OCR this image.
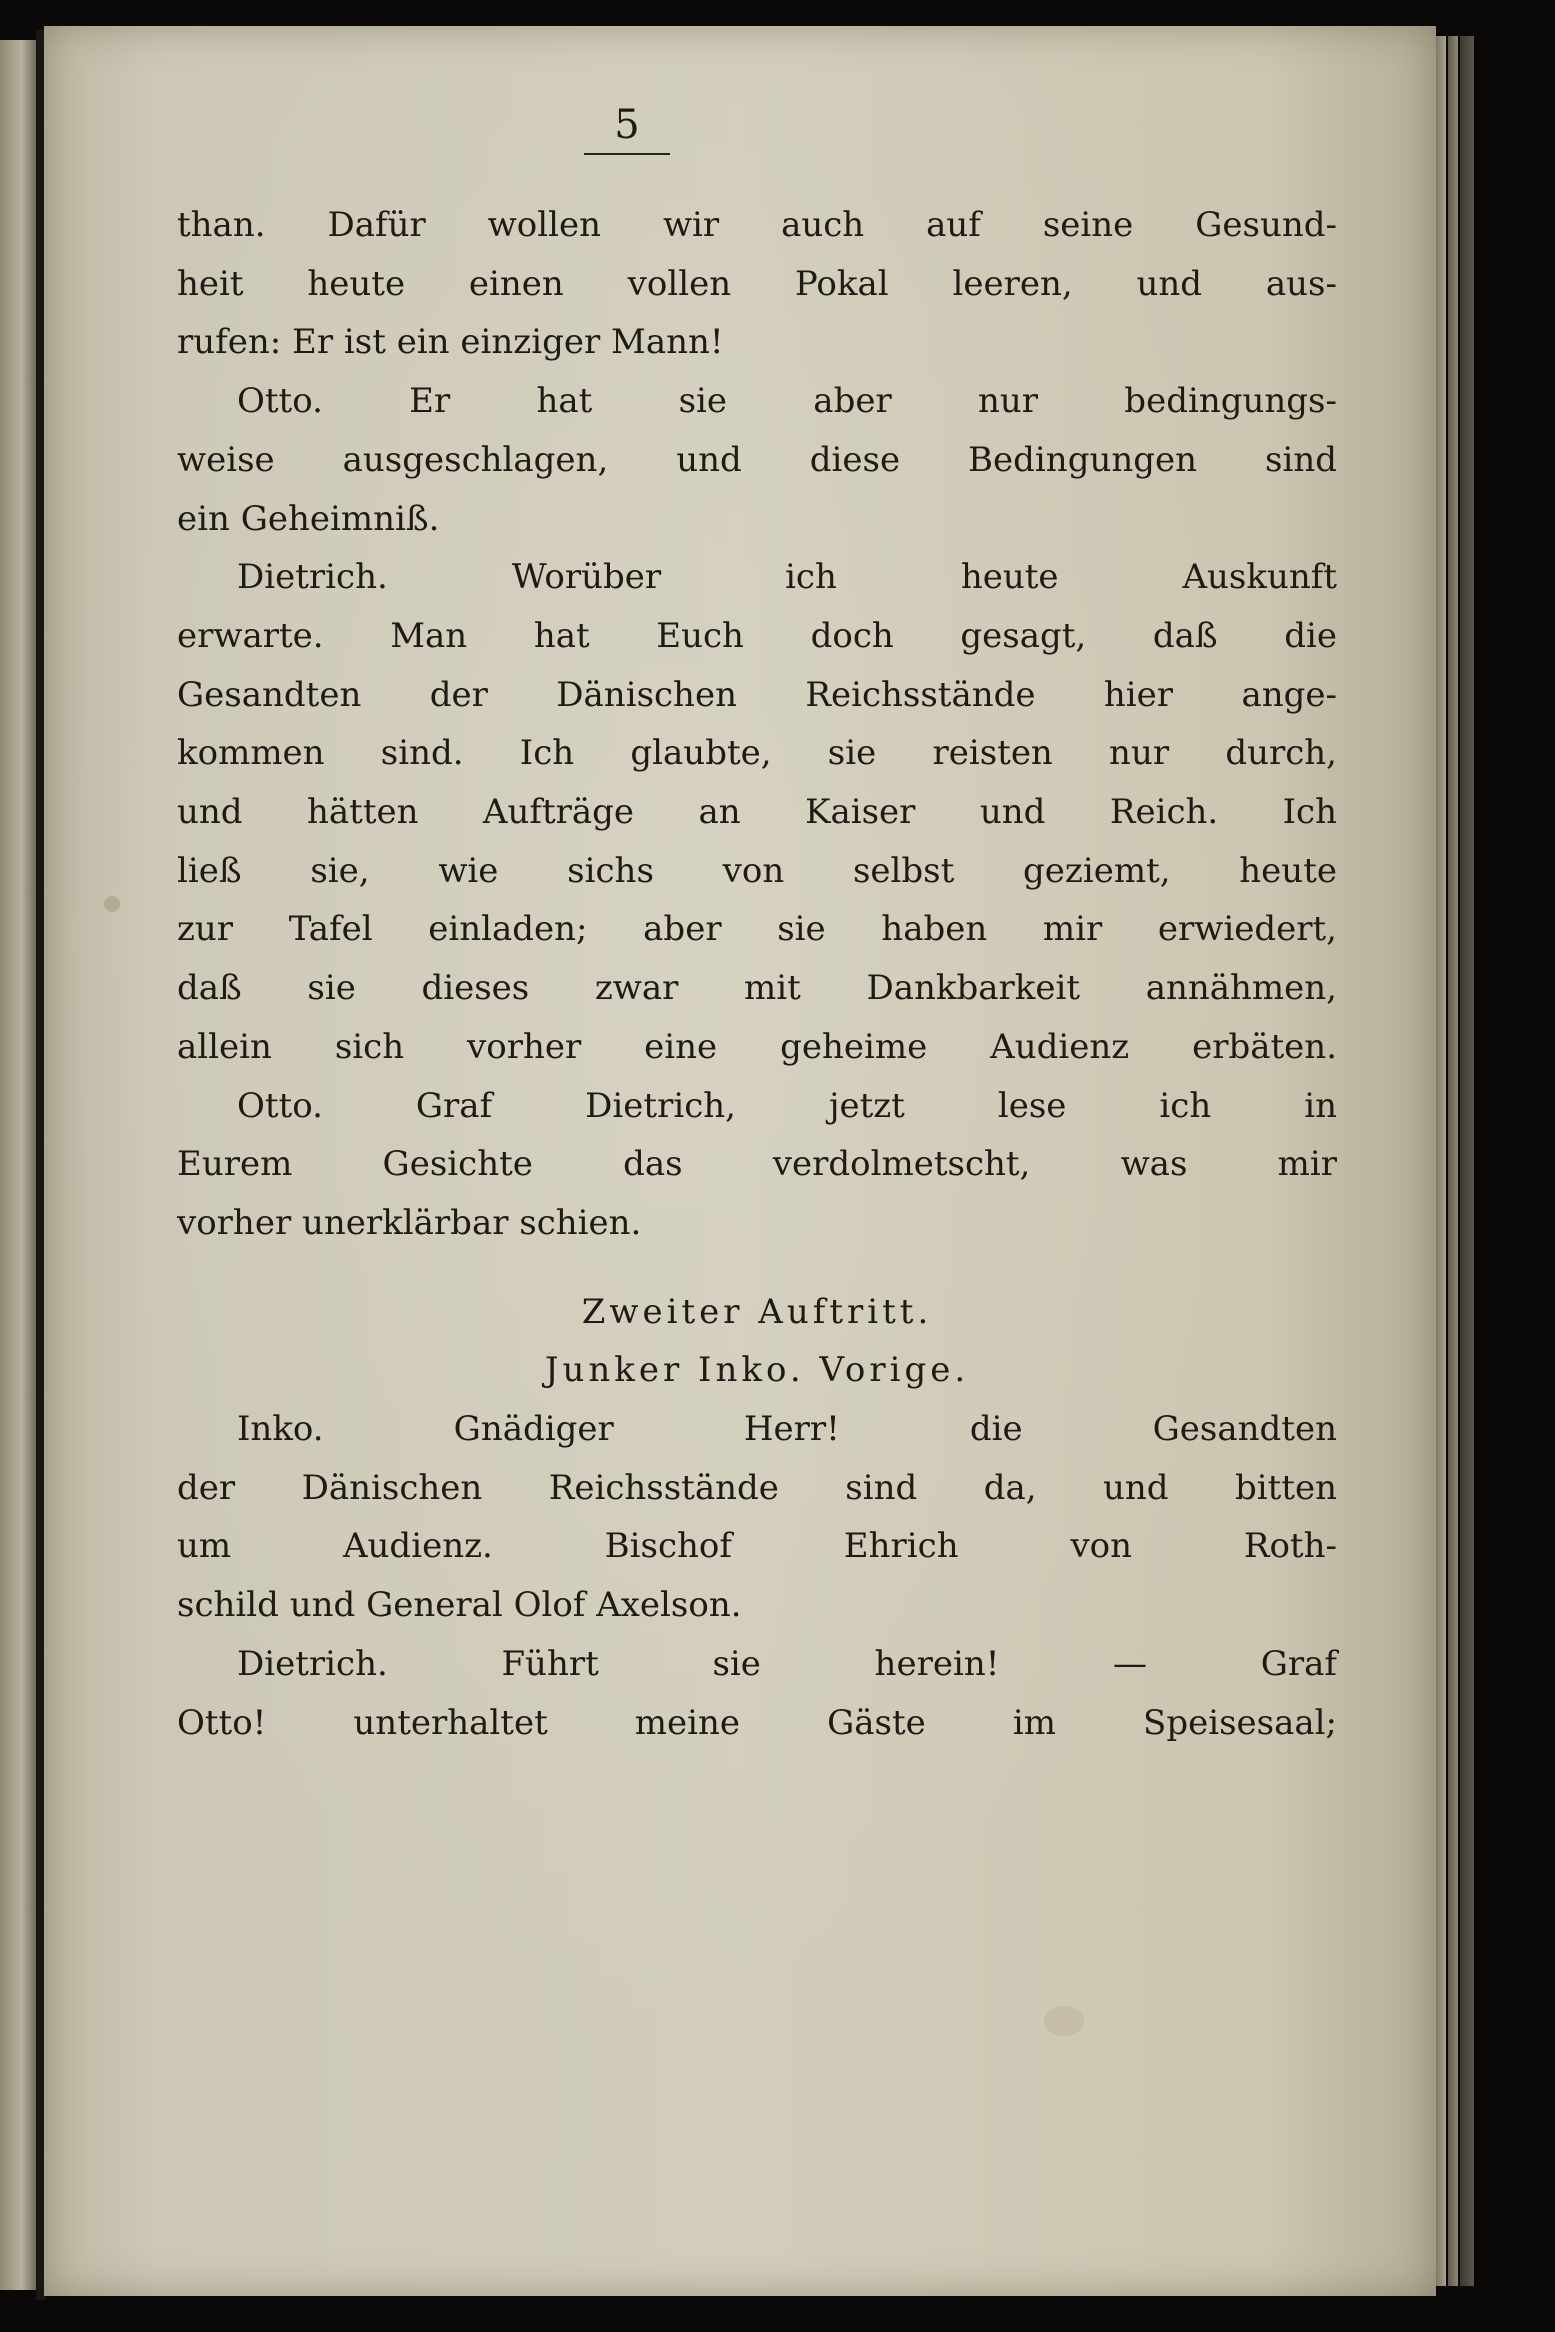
5
than. Dafür wollen wir auch auf seine Gesund-
heit heute einen vollen Pokal leeren, und aus-
rufen: Er ist ein einziger Mann!
Otto. Er hat sie aber nur bedingungs-
weise ausgeschlagen, und diese Bedingungen sind
ein Geheimniß.
Dietrich. Worüber ich heute Auskunft
erwarte. Man hat Euch doch gesagt, daß die
Gesandten der Dänischen Reichsstände hier ange-
kommen sind. Ich glaubte, sie reisten nur durch,
und hätten Aufträge an Kaiser und Reich. Ich
ließ sie, wie sichs von selbst geziemt, heute
zur Tafel einladen; aber sie haben mir erwiedert,
daß sie dieses zwar mit Dankbarkeit annähmen,
allein sich vorher eine geheime Audienz erbäten.
Otto. Graf Dietrich, jetzt lese ich in
Eurem Gesichte das verdolmetscht, was mir
vorher unerklärbar schien.
Zweiter Auftritt.
Junker Inko. Vorige.
Inko. Gnädiger Herr! die Gesandten
der Dänischen Reichsstände sind da, und bitten
um Audienz. Bischof Ehrich von Roth-
schild und General Olof Axelson.
Dietrich. Führt sie herein! — Graf
Otto! unterhaltet meine Gäste im Speisesaal;
